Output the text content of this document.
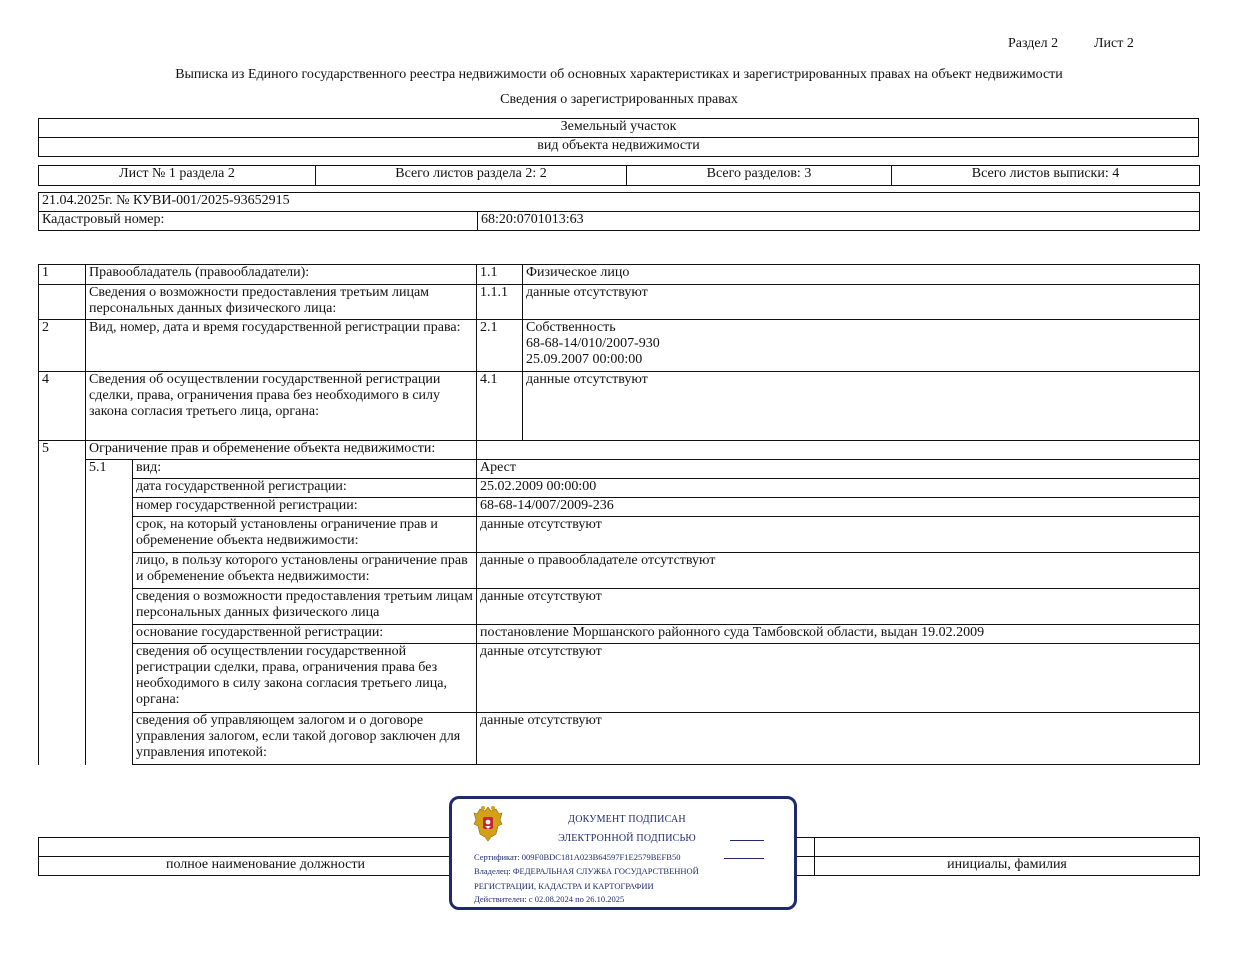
Раздел 2	Лист 2
Выписка из Единого государственного реестра недвижимости об основных характеристиках и зарегистрированных правах на объект недвижимости
Сведения о зарегистрированных правах
Земельный участок
вид объекта недвижимости
Лист № 1 раздела 2	Всего листов раздела 2: 2	Всего разделов: 3	Всего листов выписки: 4
21.04.2025г. № КУВИ-001/2025-93652915
Кадастровый номер:	68:20:0701013:63
1	Правообладатель (правообладатели):		1.1	Физическое лицо
	Сведения о возможности предоставления третьим лицам персональных данных физического лица:		1.1.1	данные отсутствуют
2	Вид, номер, дата и время государственной регистрации права:		2.1	Собственность
68-68-14/010/2007-930
25.09.2007 00:00:00

4	Сведения об осуществлении государственной регистрации сделки, права, ограничения права без необходимого в силу закона согласия третьего лица, органа:		4.1	данные отсутствуют
5	Ограничение прав и обременение объекта недвижимости:			
	5.1	вид:	Арест	
		дата государственной регистрации:	25.02.2009 00:00:00	
		номер государственной регистрации:	68-68-14/007/2009-236	
		срок, на который установлены ограничение прав и обременение объекта недвижимости:	данные отсутствуют	
		лицо, в пользу которого установлены ограничение прав и обременение объекта недвижимости:	данные о правообладателе отсутствуют	
		сведения о возможности предоставления третьим лицам персональных данных физического лица	данные отсутствуют	
		основание государственной регистрации:	постановление Моршанского районного суда Тамбовской области, выдан 19.02.2009	
		сведения об осуществлении государственной регистрации сделки, права, ограничения права без необходимого в силу закона согласия третьего лица, органа:	данные отсутствуют	
		сведения об управляющем залогом и о договоре управления залогом, если такой договор заключен для управления ипотекой:	данные отсутствуют	

полное наименование должности		инициалы, фамилия
ДОКУМЕНТ ПОДПИСАН
ЭЛЕКТРОННОЙ ПОДПИСЬЮ
Сертификат: 009F0BDC181A023B64597F1E2579BEFB50
Владелец: ФЕДЕРАЛЬНАЯ СЛУЖБА ГОСУДАРСТВЕННОЙ
РЕГИСТРАЦИИ, КАДАСТРА И КАРТОГРАФИИ
Действителен: с 02.08.2024 по 26.10.2025
